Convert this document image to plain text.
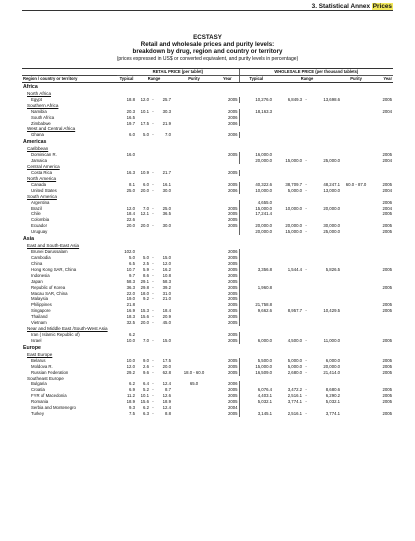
3. Statistical Annex Prices
ECSTASY
Retail and wholesale prices and purity levels:
breakdown by drug, region and country or territory
(prices expressed in US$ or converted equivalent, and purity levels in percentage)
	RETAIL PRICE (per tablet)						WHOLESALE PRICE (per thousand tablets)					
Region / country or territory	Typical	Range			Purity	Year	Typical	Range			Purity	Year
Africa												
North Africa												
Egypt	18.8	12.0	-	25.7		2005	10,276.0	6,849.3	-	13,698.6		2005
Southern Africa												
Namibia	20.3	10.1	-	30.3		2005	18,163.3					2004
South Africa	16.5					2006						
Zimbabwe	19.7	17.5	-	21.9		2006						
West and Central Africa												
Ghana	6.0	5.0	-	7.0		2006						
Americas												
Caribbean												
Dominican R.	16.0					2005	16,000.0					2005
Jamaica							20,000.0	15,000.0	-	25,000.0		2004
Central America												
Costa Rica	16.3	10.9	-	21.7		2005						
North America												
Canada	8.1	6.0	-	16.1		2005	40,322.6	38,709.7	-	48,247.1	60.0 - 87.0	2005
United States	25.0	20.0	-	30.0		2006	10,000.0	5,000.0	-	13,000.0		2004
South America												
Argentina							4,655.0					2006
Brazil	12.0	7.0	-	25.0		2005	15,000.0	10,000.0	-	20,000.0		2004
Chile	18.4	12.1	-	36.5		2005	17,241.4					2005
Colombia	22.6					2005						
Ecuador	20.0	20.0	-	30.0		2005	20,000.0	20,000.0	-	30,000.0		2005
Uruguay							20,000.0	15,000.0	-	25,000.0		2005
Asia												
East and South-East Asia												
Brunei Darussalam	102.0					2006						
Cambodia	5.0	5.0	-	15.0		2005						
China	6.5	2.5	-	12.0		2005						
Hong Kong SAR, China	10.7	5.9	-	16.2		2005	3,356.8	1,544.4	-	5,826.5		2005
Indonesia	9.7	8.6	-	10.8		2005						
Japan	58.3	29.1	-	58.3		2005						
Republic of Korea	36.3	29.8	-	39.2		2005	1,960.8					2005
Macau SAR, China	22.0	18.0	-	31.0		2005						
Malaysia	19.0	9.2	-	21.0		2005						
Philippines	21.8					2005	21,758.8					2005
Singapore	16.9	15.3	-	18.4		2005	9,662.6	8,957.7	-	10,429.5		2005
Thailand	18.3	15.6	-	20.9		2005						
Vietnam	32.5	20.0	-	45.0		2005						
Near and Middle East /South-West Asia												
Iran ( Islamic Republic of)	6.2					2005						
Israel	10.0	7.0	-	15.0		2005	6,000.0	4,500.0	-	11,000.0		2005
Europe												
East Europe												
Belarus	10.0	9.0	-	17.5		2005	5,500.0	5,000.0	-	6,000.0		2005
Moldova R.	12.0	2.6	-	20.0		2005	15,000.0	5,000.0	-	20,000.0		2005
Russian Federation	29.2	9.6	-	62.8	18.0 - 60.0	2005	16,509.0	2,680.0	-	21,414.0		2005
Southeast Europe												
Bulgaria	6.2	6.4	-	12.4	65.0	2006						
Croatia	6.9	5.2	-	8.7		2005	6,076.4	3,472.2	-	8,680.6		2005
FYR of Macedonia	11.2	10.1	-	12.6		2005	4,403.1	2,516.1	-	6,290.2		2005
Romania	18.9	15.6	-	18.9		2005	5,032.1	3,774.1	-	5,032.1		2005
Serbia and Montenegro	9.3	6.2	-	12.4		2004						
Turkey	7.5	6.3	-	8.8		2005	3,145.1	2,516.1	-	3,774.1		2005
